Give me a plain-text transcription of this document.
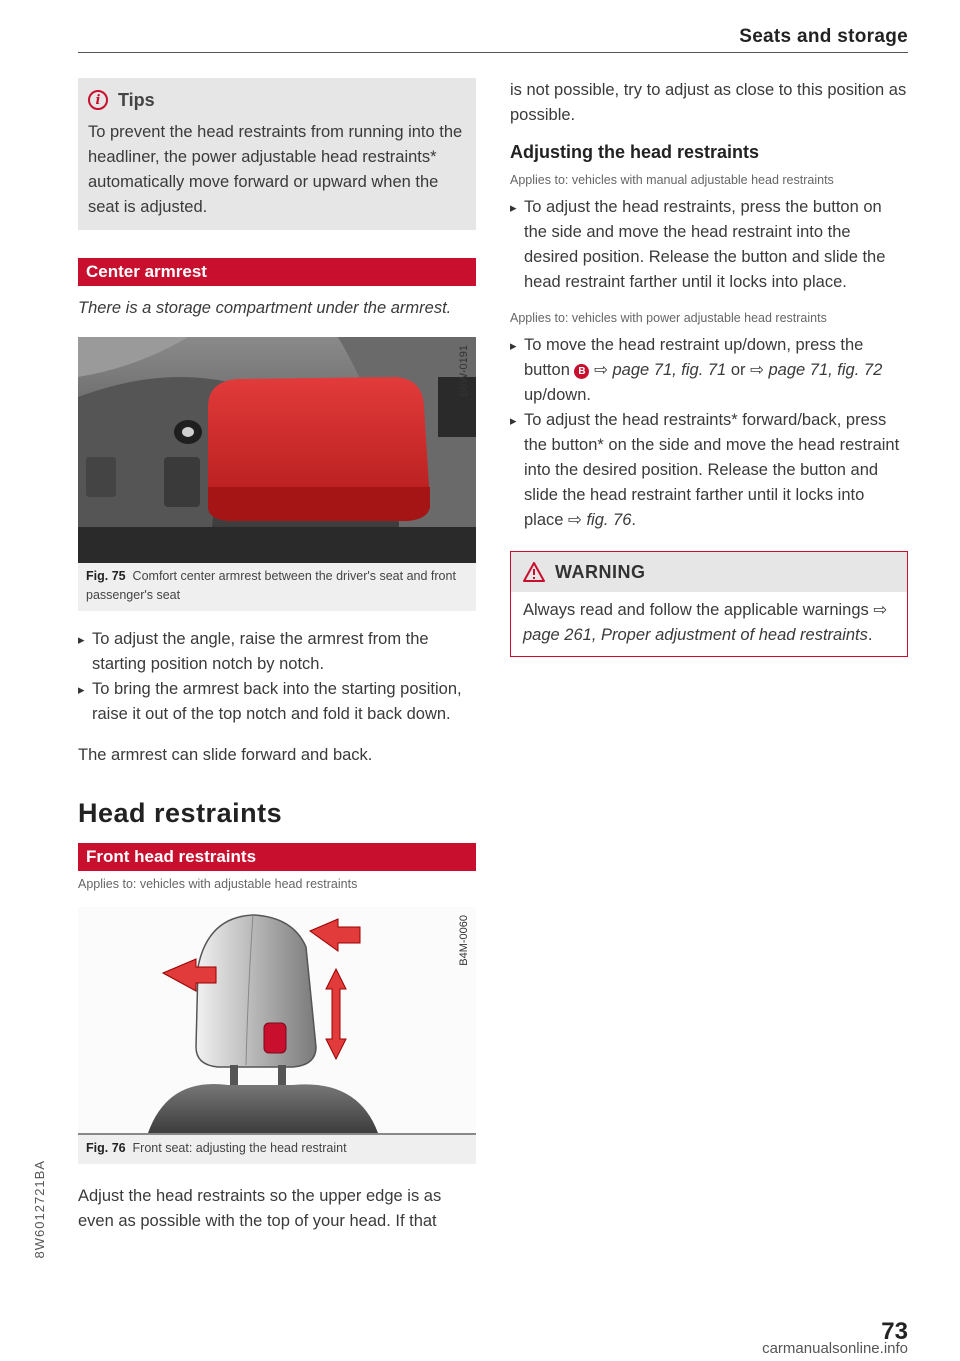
Seats and storage
i Tips

To prevent the head restraints from running into the headliner, the power adjustable head restraints* automatically move forward or upward when the seat is adjusted.

Center armrest

There is a storage compartment under the armrest.

B8W-0191
Fig. 75 Comfort center armrest between the driver's seat and front passenger's seat
▸ To adjust the angle, raise the armrest from the starting position notch by notch.
▸ To bring the armrest back into the starting position, raise it out of the top notch and fold it back down.

The armrest can slide forward and back.

Head restraints
Front head restraints
Applies to: vehicles with adjustable head restraints
B4M-0060
Fig. 76 Front seat: adjusting the head restraint

Adjust the head restraints so the upper edge is as even as possible with the top of your head. If that

is not possible, try to adjust as close to this position as possible.

Adjusting the head restraints
Applies to: vehicles with manual adjustable head restraints
▸ To adjust the head restraints, press the button on the side and move the head restraint into the desired position. Release the button and slide the head restraint farther until it locks into place.
Applies to: vehicles with power adjustable head restraints
▸ To move the head restraint up/down, press the button B ⇨ page 71, fig. 71 or ⇨ page 71, fig. 72 up/down.
▸ To adjust the head restraints* forward/back, press the button* on the side and move the head restraint into the desired position. Release the button and slide the head restraint farther until it locks into place ⇨ fig. 76.
WARNING
Always read and follow the applicable warnings ⇨ page 261, Proper adjustment of head restraints.
8W6012721BA
73
carmanualsonline.info
